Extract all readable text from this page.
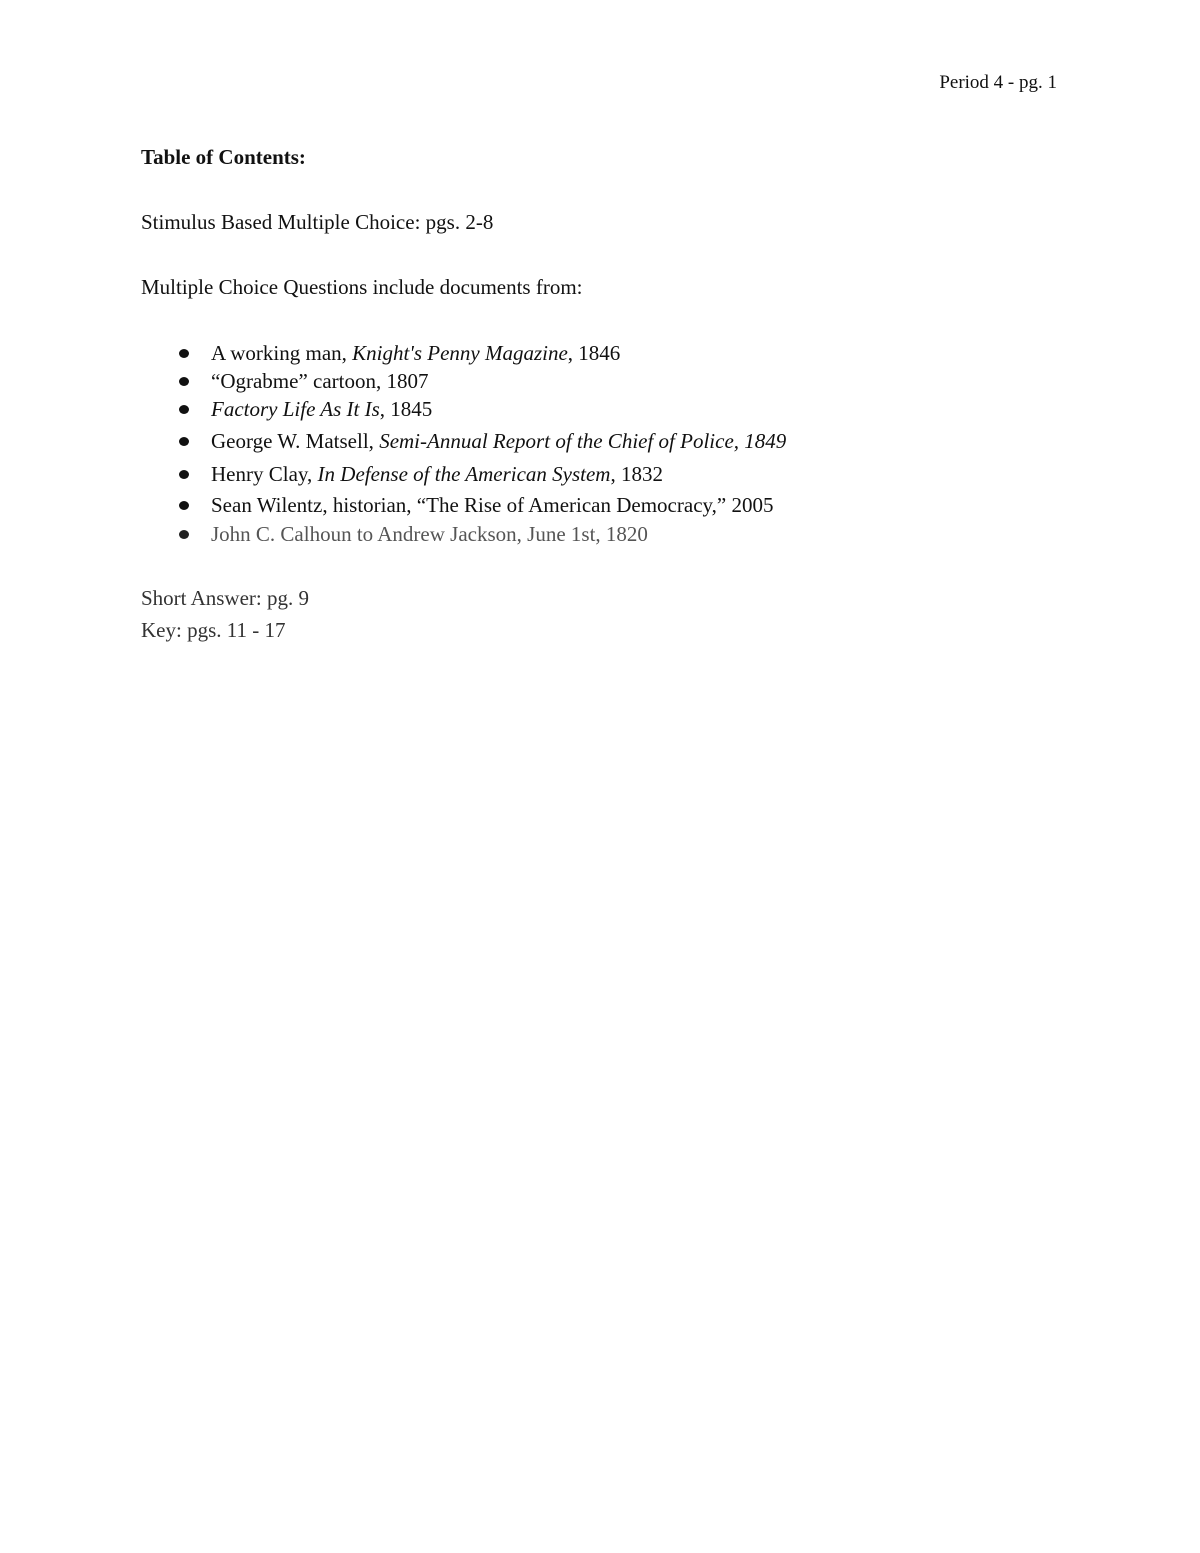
Period 4 - pg. 1

Table of Contents:

Stimulus Based Multiple Choice: pgs. 2-8

Multiple Choice Questions include documents from:

A working man, Knight's Penny Magazine, 1846
“Ograbme” cartoon, 1807
Factory Life As It Is, 1845
George W. Matsell, Semi-Annual Report of the Chief of Police, 1849
Henry Clay, In Defense of the American System, 1832
Sean Wilentz, historian, “The Rise of American Democracy,” 2005
John C. Calhoun to Andrew Jackson, June 1st, 1820

Short Answer: pg. 9

Key: pgs. 11 - 17
